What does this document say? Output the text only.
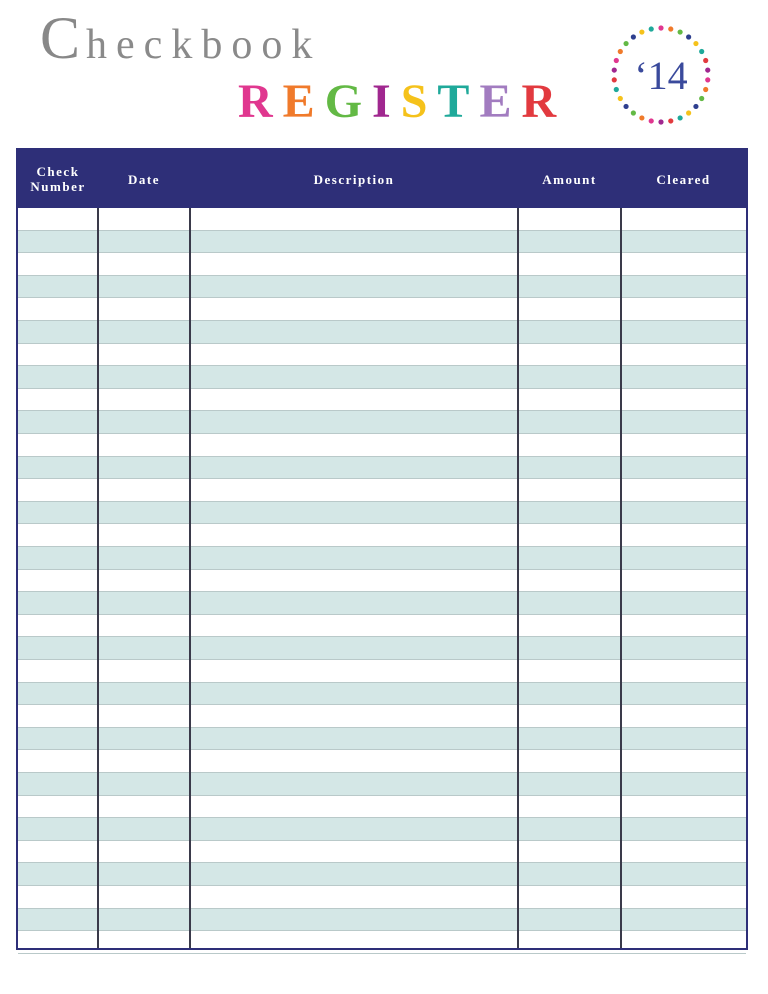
Checkbook
REGISTER	‘14
Check Number	Date	Description	Amount	Cleared
